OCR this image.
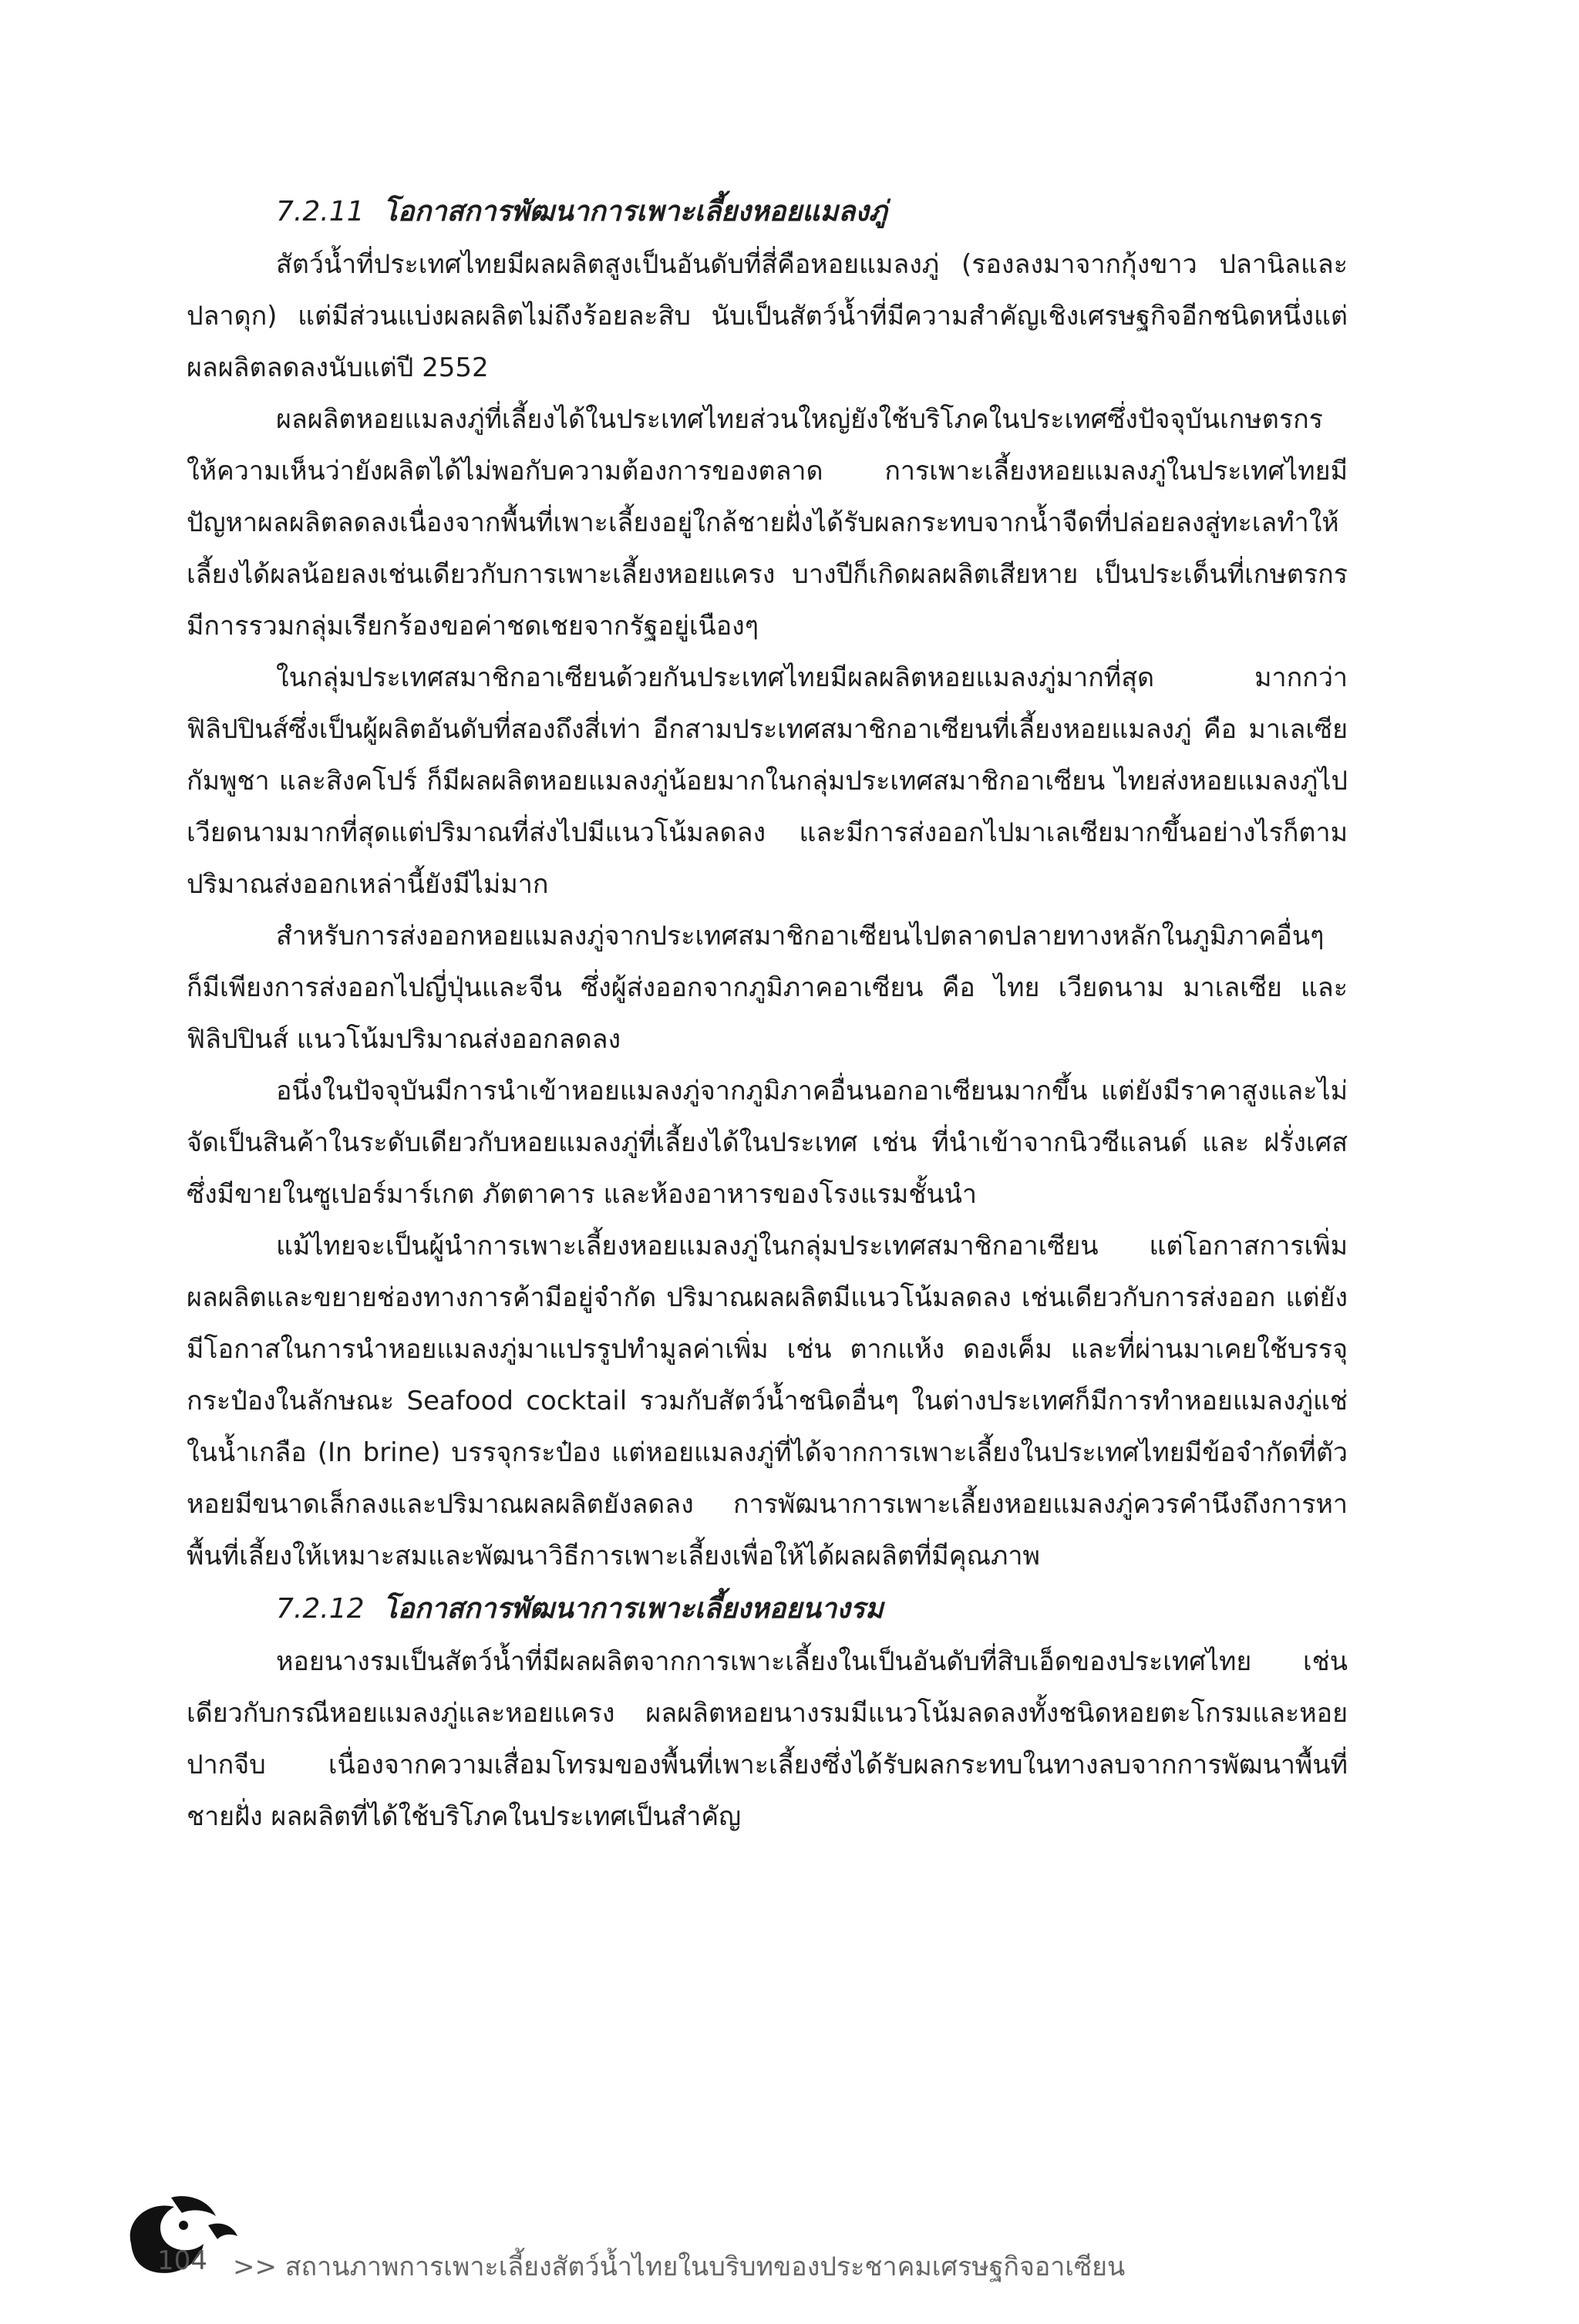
7.2.11 โอกาสการพัฒนาการเพาะเลี้ยงหอยแมลงภู่

สัตว์น้ำที่ประเทศไทยมีผลผลิตสูงเป็นอันดับที่สี่คือหอยแมลงภู่ (รองลงมาจากกุ้งขาว ปลานิลและปลาดุก) แต่มีส่วนแบ่งผลผลิตไม่ถึงร้อยละสิบ นับเป็นสัตว์น้ำที่มีความสำคัญเชิงเศรษฐกิจอีกชนิดหนึ่งแต่ผลผลิตลดลงนับแต่ปี 2552

ผลผลิตหอยแมลงภู่ที่เลี้ยงได้ในประเทศไทยส่วนใหญ่ยังใช้บริโภคในประเทศซึ่งปัจจุบันเกษตรกรให้ความเห็นว่ายังผลิตได้ไม่พอกับความต้องการของตลาด การเพาะเลี้ยงหอยแมลงภู่ในประเทศไทยมีปัญหาผลผลิตลดลงเนื่องจากพื้นที่เพาะเลี้ยงอยู่ใกล้ชายฝั่งได้รับผลกระทบจากน้ำจืดที่ปล่อยลงสู่ทะเลทำให้เลี้ยงได้ผลน้อยลงเช่นเดียวกับการเพาะเลี้ยงหอยแครง บางปีก็เกิดผลผลิตเสียหาย เป็นประเด็นที่เกษตรกรมีการรวมกลุ่มเรียกร้องขอค่าชดเชยจากรัฐอยู่เนืองๆ

ในกลุ่มประเทศสมาชิกอาเซียนด้วยกันประเทศไทยมีผลผลิตหอยแมลงภู่มากที่สุด มากกว่าฟิลิปปินส์ซึ่งเป็นผู้ผลิตอันดับที่สองถึงสี่เท่า อีกสามประเทศสมาชิกอาเซียนที่เลี้ยงหอยแมลงภู่ คือ มาเลเซีย กัมพูชา และสิงคโปร์ ก็มีผลผลิตหอยแมลงภู่น้อยมากในกลุ่มประเทศสมาชิกอาเซียน ไทยส่งหอยแมลงภู่ไปเวียดนามมากที่สุดแต่ปริมาณที่ส่งไปมีแนวโน้มลดลง และมีการส่งออกไปมาเลเซียมากขึ้นอย่างไรก็ตามปริมาณส่งออกเหล่านี้ยังมีไม่มาก

สำหรับการส่งออกหอยแมลงภู่จากประเทศสมาชิกอาเซียนไปตลาดปลายทางหลักในภูมิภาคอื่นๆ ก็มีเพียงการส่งออกไปญี่ปุ่นและจีน ซึ่งผู้ส่งออกจากภูมิภาคอาเซียน คือ ไทย เวียดนาม มาเลเซีย และฟิลิปปินส์ แนวโน้มปริมาณส่งออกลดลง

อนึ่งในปัจจุบันมีการนำเข้าหอยแมลงภู่จากภูมิภาคอื่นนอกอาเซียนมากขึ้น แต่ยังมีราคาสูงและไม่จัดเป็นสินค้าในระดับเดียวกับหอยแมลงภู่ที่เลี้ยงได้ในประเทศ เช่น ที่นำเข้าจากนิวซีแลนด์ และ ฝรั่งเศส ซึ่งมีขายในซูเปอร์มาร์เกต ภัตตาคาร และห้องอาหารของโรงแรมชั้นนำ

แม้ไทยจะเป็นผู้นำการเพาะเลี้ยงหอยแมลงภู่ในกลุ่มประเทศสมาชิกอาเซียน แต่โอกาสการเพิ่มผลผลิตและขยายช่องทางการค้ามีอยู่จำกัด ปริมาณผลผลิตมีแนวโน้มลดลง เช่นเดียวกับการส่งออก แต่ยังมีโอกาสในการนำหอยแมลงภู่มาแปรรูปทำมูลค่าเพิ่ม เช่น ตากแห้ง ดองเค็ม และที่ผ่านมาเคยใช้บรรจุกระป๋องในลักษณะ Seafood cocktail รวมกับสัตว์น้ำชนิดอื่นๆ ในต่างประเทศก็มีการทำหอยแมลงภู่แช่ในน้ำเกลือ (In brine) บรรจุกระป๋อง แต่หอยแมลงภู่ที่ได้จากการเพาะเลี้ยงในประเทศไทยมีข้อจำกัดที่ตัวหอยมีขนาดเล็กลงและปริมาณผลผลิตยังลดลง การพัฒนาการเพาะเลี้ยงหอยแมลงภู่ควรคำนึงถึงการหาพื้นที่เลี้ยงให้เหมาะสมและพัฒนาวิธีการเพาะเลี้ยงเพื่อให้ได้ผลผลิตที่มีคุณภาพ

7.2.12 โอกาสการพัฒนาการเพาะเลี้ยงหอยนางรม

หอยนางรมเป็นสัตว์น้ำที่มีผลผลิตจากการเพาะเลี้ยงในเป็นอันดับที่สิบเอ็ดของประเทศไทย เช่นเดียวกับกรณีหอยแมลงภู่และหอยแครง ผลผลิตหอยนางรมมีแนวโน้มลดลงทั้งชนิดหอยตะโกรมและหอยปากจีบ เนื่องจากความเสื่อมโทรมของพื้นที่เพาะเลี้ยงซึ่งได้รับผลกระทบในทางลบจากการพัฒนาพื้นที่ชายฝั่ง ผลผลิตที่ได้ใช้บริโภคในประเทศเป็นสำคัญ

104 >> สถานภาพการเพาะเลี้ยงสัตว์น้ำไทยในบริบทของประชาคมเศรษฐกิจอาเซียน
